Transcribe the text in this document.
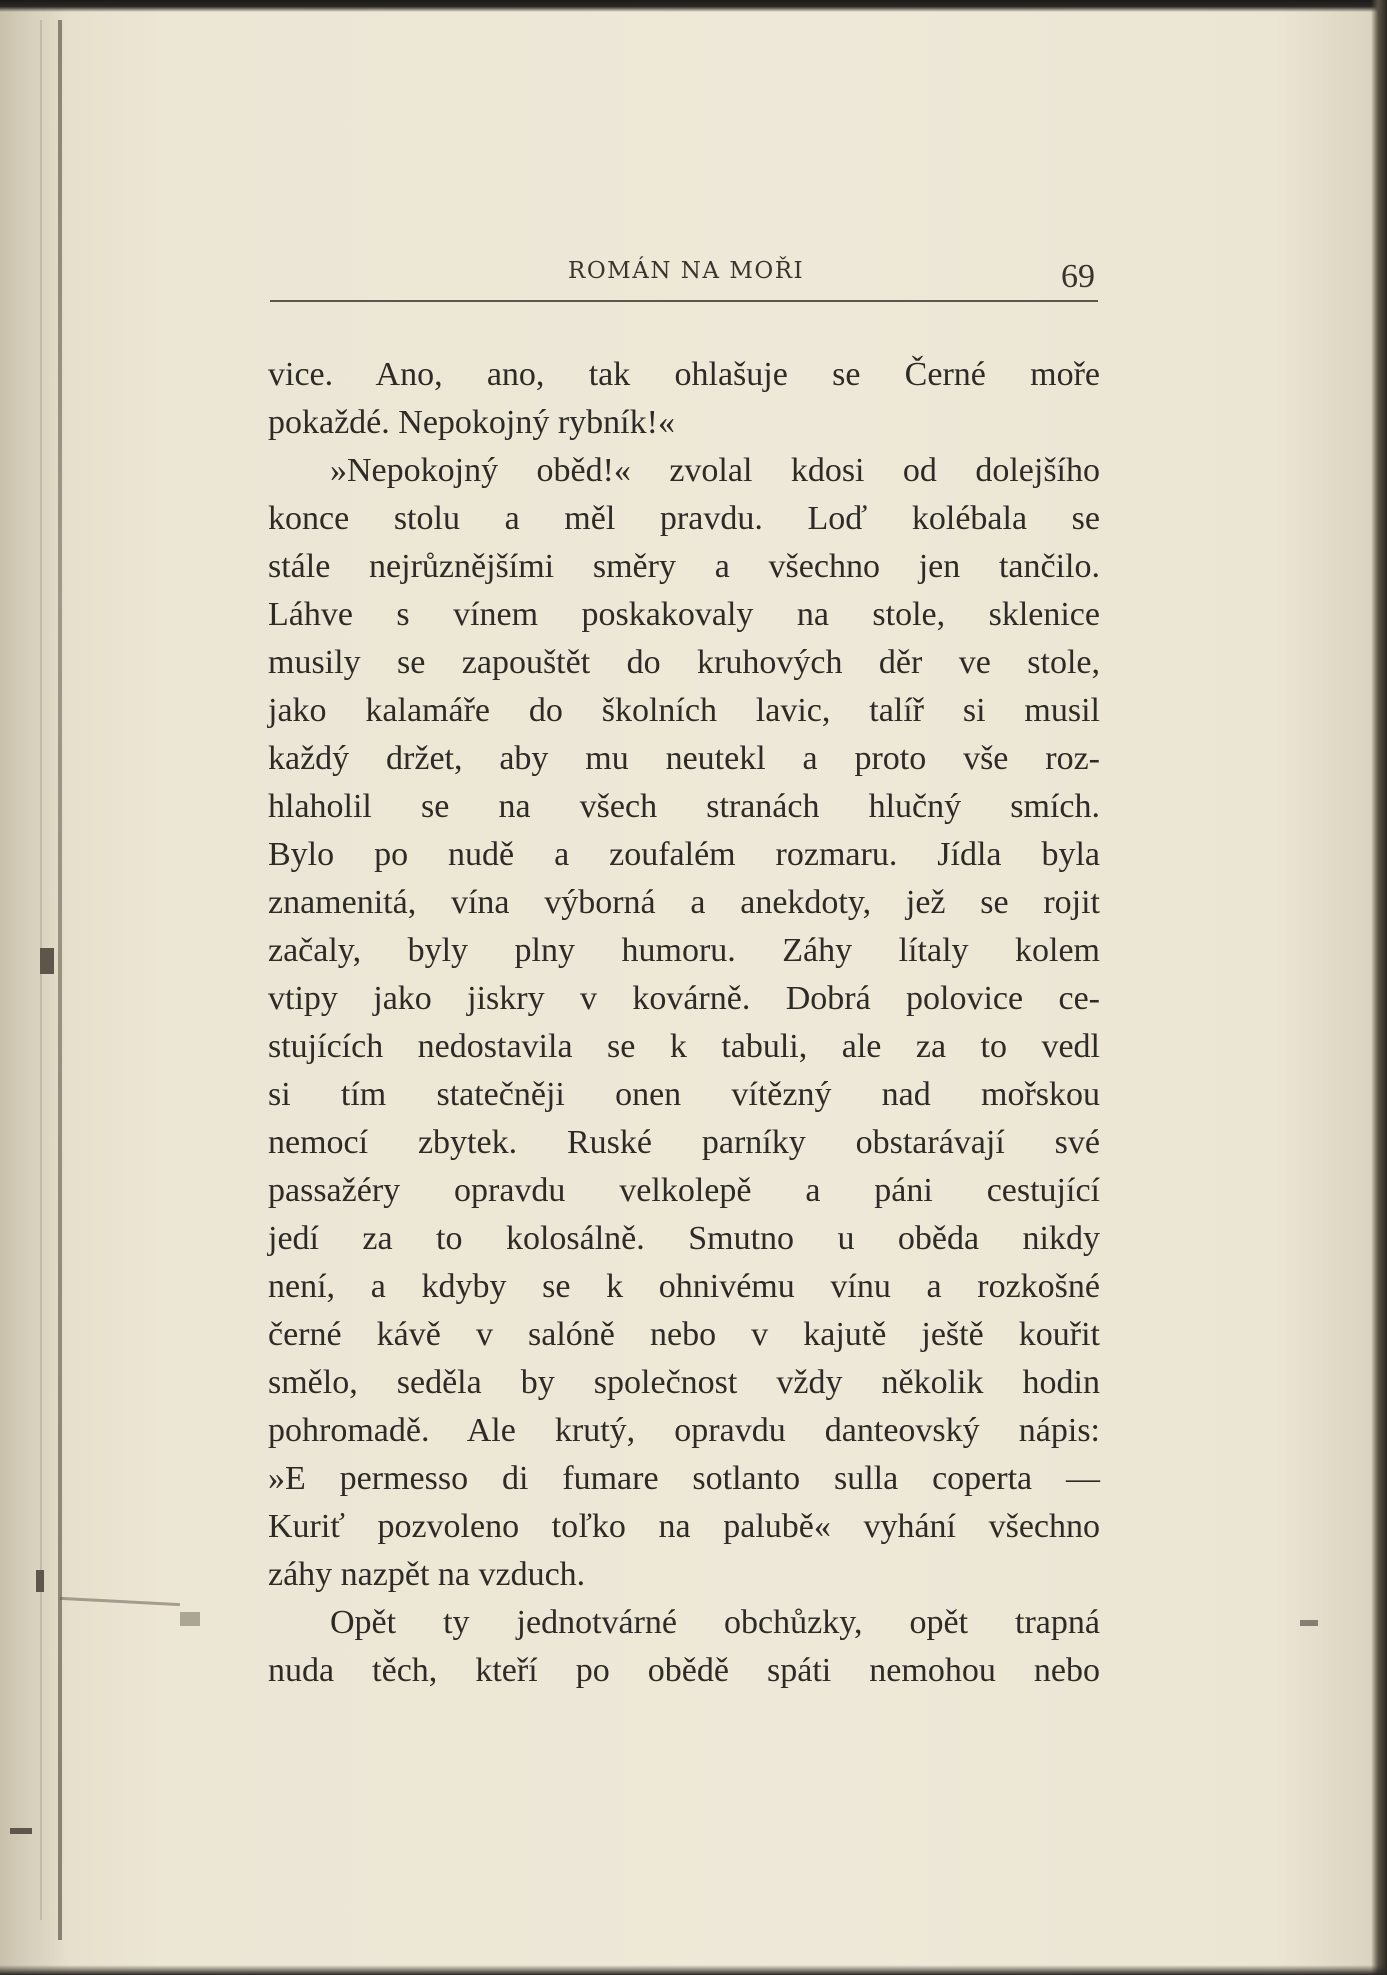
ROMÁN NA MOŘI	69
vice. Ano, ano, tak ohlašuje se Černé moře
pokaždé. Nepokojný rybník!«
»Nepokojný oběd!« zvolal kdosi od dolejšího
konce stolu a měl pravdu. Loď kolébala se
stále nejrůznějšími směry a všechno jen tančilo.
Láhve s vínem poskakovaly na stole, sklenice
musily se zapouštět do kruhových děr ve stole,
jako kalamáře do školních lavic, talíř si musil
každý držet, aby mu neutekl a proto vše roz-
hlaholil se na všech stranách hlučný smích.
Bylo po nudě a zoufalém rozmaru. Jídla byla
znamenitá, vína výborná a anekdoty, jež se rojit
začaly, byly plny humoru. Záhy lítaly kolem
vtipy jako jiskry v kovárně. Dobrá polovice ce-
stujících nedostavila se k tabuli, ale za to vedl
si tím statečněji onen vítězný nad mořskou
nemocí zbytek. Ruské parníky obstarávají své
passažéry opravdu velkolepě a páni cestující
jedí za to kolosálně. Smutno u oběda nikdy
není, a kdyby se k ohnivému vínu a rozkošné
černé kávě v salóně nebo v kajutě ještě kouřit
smělo, seděla by společnost vždy několik hodin
pohromadě. Ale krutý, opravdu danteovský nápis:
»E permesso di fumare sotlanto sulla coperta —
Kuriť pozvoleno toľko na palubě« vyhání všechno
záhy nazpět na vzduch.
Opět ty jednotvárné obchůzky, opět trapná
nuda těch, kteří po obědě spáti nemohou nebo
